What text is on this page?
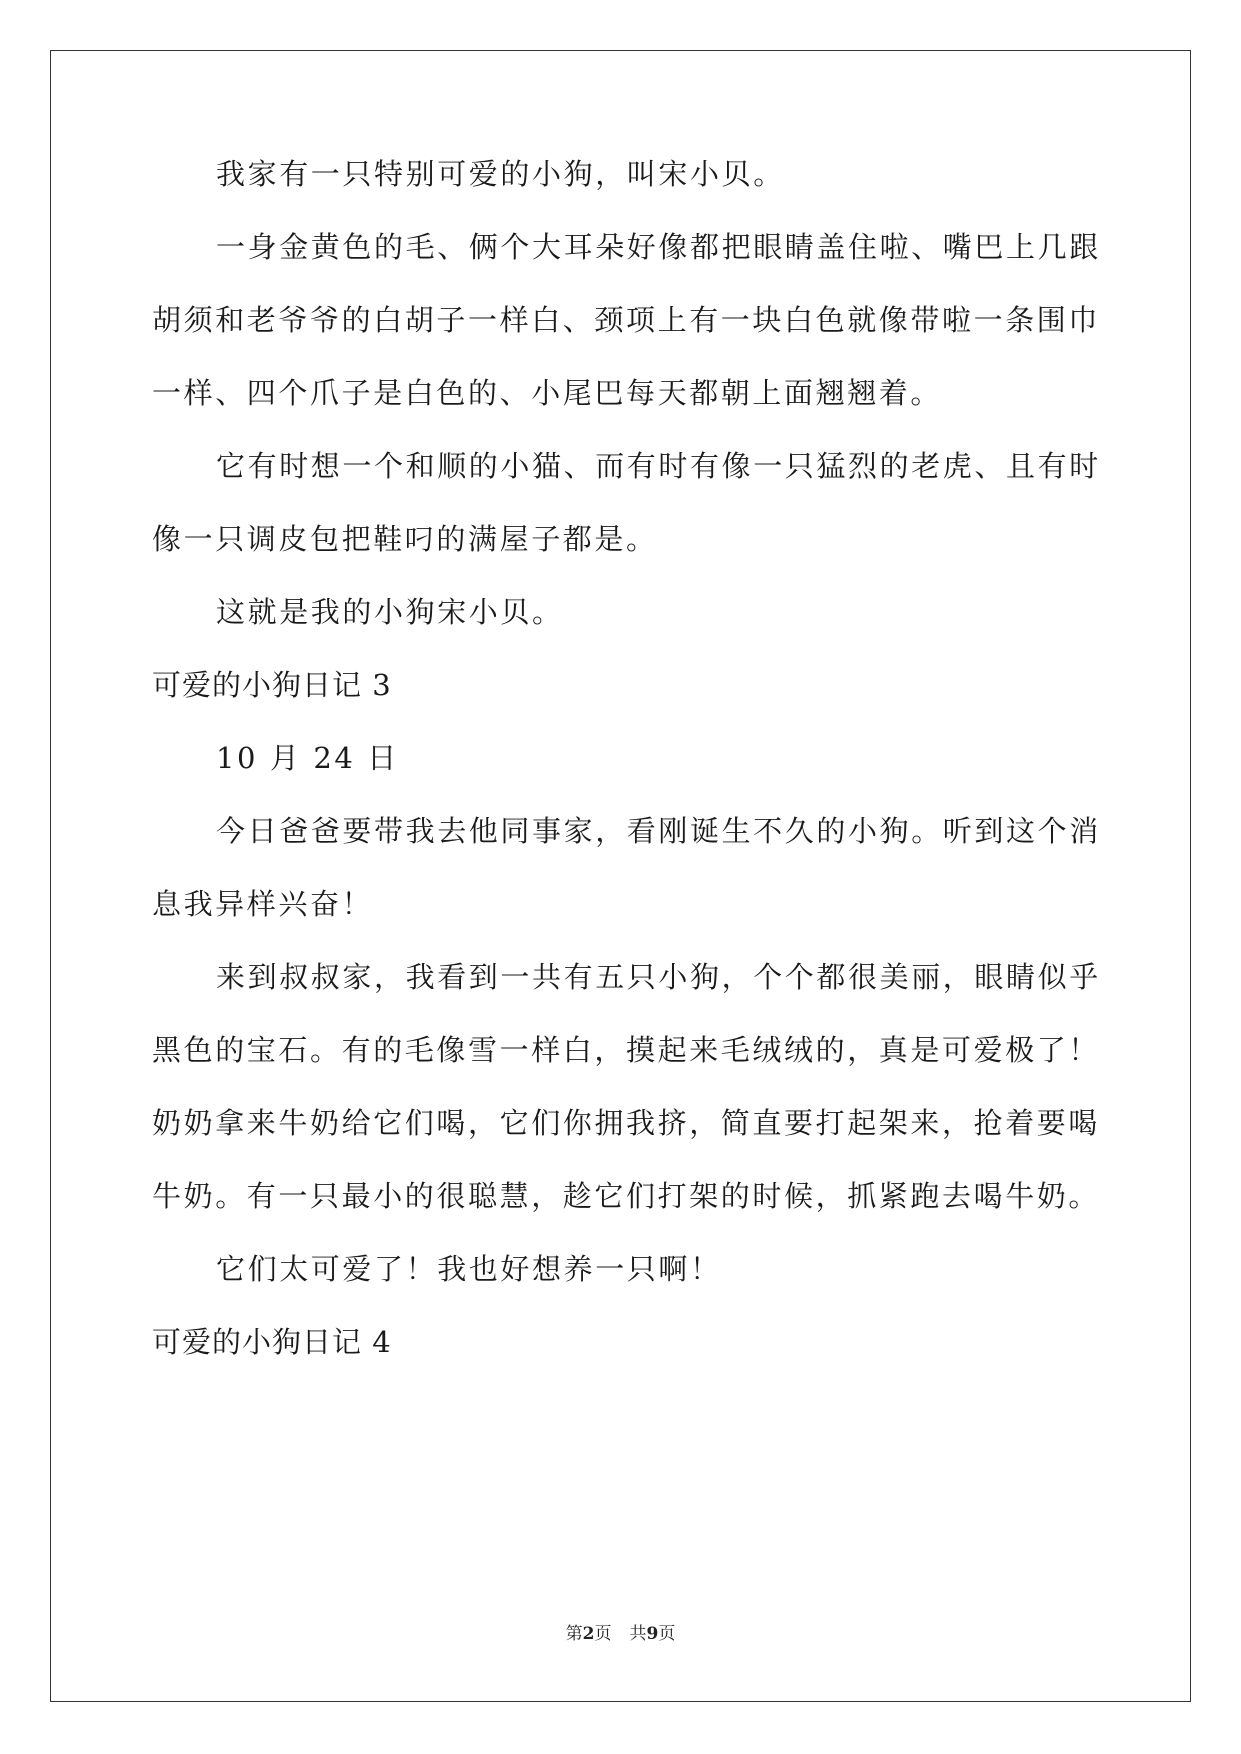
我家有一只特别可爱的小狗，叫宋小贝。
一身金黄色的毛、俩个大耳朵好像都把眼睛盖住啦、嘴巴上几跟
胡须和老爷爷的白胡子一样白、颈项上有一块白色就像带啦一条围巾
一样、四个爪子是白色的、小尾巴每天都朝上面翘翘着。
它有时想一个和顺的小猫、而有时有像一只猛烈的老虎、且有时
像一只调皮包把鞋叼的满屋子都是。
这就是我的小狗宋小贝。
可爱的小狗日记 3
10 月 24 日
今日爸爸要带我去他同事家，看刚诞生不久的小狗。听到这个消
息我异样兴奋！
来到叔叔家，我看到一共有五只小狗，个个都很美丽，眼睛似乎
黑色的宝石。有的毛像雪一样白，摸起来毛绒绒的，真是可爱极了！
奶奶拿来牛奶给它们喝，它们你拥我挤，简直要打起架来，抢着要喝
牛奶。有一只最小的很聪慧，趁它们打架的时候，抓紧跑去喝牛奶。
它们太可爱了！我也好想养一只啊！
可爱的小狗日记 4
第2页 共9页
